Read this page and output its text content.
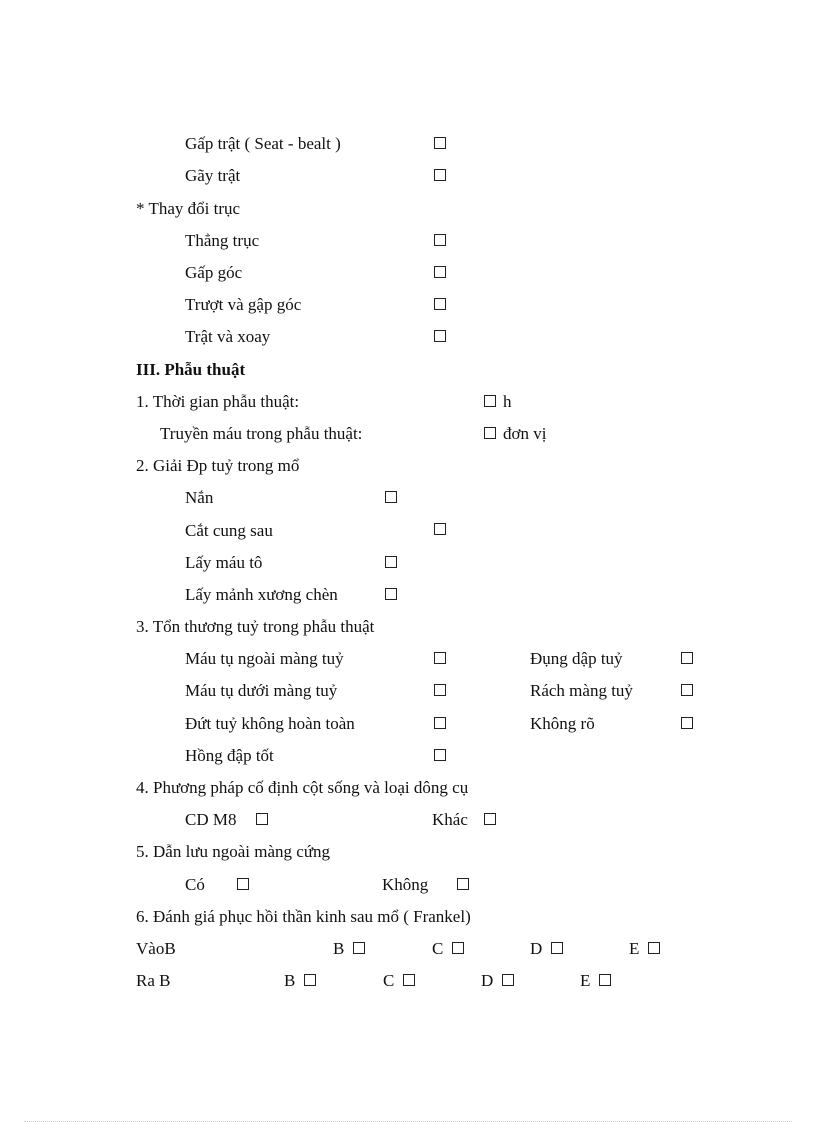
Gấp trật ( Seat - bealt )
Gãy trật
* Thay đổi trục
Thẳng trục
Gấp góc
Trượt và gập góc
Trật và xoay
III. Phẫu thuật
1. Thời gian phẫu thuật:	h
Truyền máu trong phẫu thuật:	đơn vị
2. Giải Đp tuỷ trong mổ
Nắn
Cắt cung sau
Lấy máu tô
Lấy mảnh xương chèn
3. Tổn thương tuỷ trong phẫu thuật
Máu tụ ngoài màng tuỷ	Đụng dập tuỷ
Máu tụ dưới màng tuỷ	Rách màng tuỷ
Đứt tuỷ không hoàn toàn	Không rõ
Hồng đập tốt
4. Phương pháp cố định cột sống và loại dông cụ
CD M8	Khác
5. Dẫn lưu ngoài màng cứng
Có	Không
6. Đánh giá phục hồi thần kinh sau mổ ( Frankel)
VàoB	B	C	D	E
Ra B	B	C	D	E
